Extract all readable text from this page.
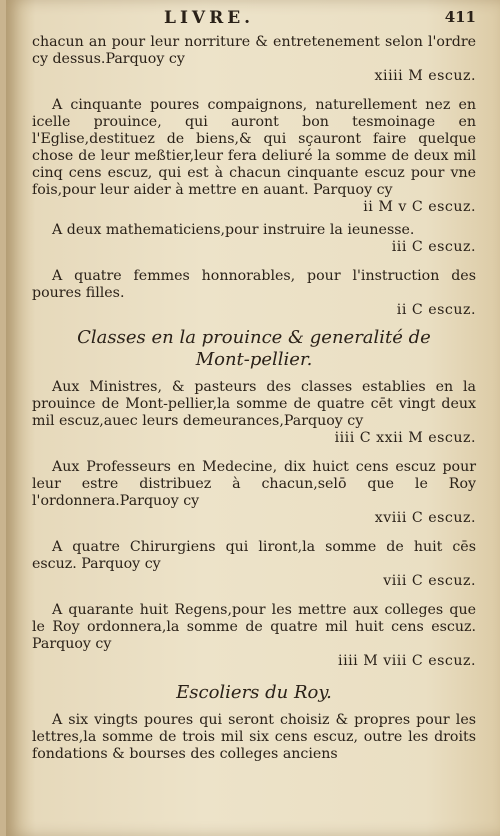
LIVRE.	411

chacun an pour leur norriture & entretenement selon l'ordre cy dessus.Parquoy cy

xiiii M escuz.

A cinquante poures compaignons, naturellement nez en icelle prouince, qui auront bon tesmoinage en l'Eglise,destituez de biens,& qui sçauront faire quelque chose de leur meßtier,leur fera deliuré la somme de deux mil cinq cens escuz, qui est à chacun cinquante escuz pour vne fois,pour leur aider à mettre en auant. Parquoy cy

ii M v C escuz.

A deux mathematiciens,pour instruire la ieunesse.

iii C escuz.

A quatre femmes honnorables, pour l'instruction des poures filles.

ii C escuz.

Classes en la prouince & generalité de

Mont-pellier.

Aux Ministres, & pasteurs des classes establies en la prouince de Mont-pellier,la somme de quatre cēt vingt deux mil escuz,auec leurs demeurances,Parquoy cy

iiii C xxii M escuz.

Aux Professeurs en Medecine, dix huict cens escuz pour leur estre distribuez à chacun,selō que le Roy l'ordonnera.Parquoy cy

xviii C escuz.

A quatre Chirurgiens qui liront,la somme de huit cēs escuz. Parquoy cy

viii C escuz.

A quarante huit Regens,pour les mettre aux colleges que le Roy ordonnera,la somme de quatre mil huit cens escuz. Parquoy cy

iiii M viii C escuz.

Escoliers du Roy.

A six vingts poures qui seront choisiz & propres pour les lettres,la somme de trois mil six cens escuz, outre les droits fondations & bourses des colleges anciens
